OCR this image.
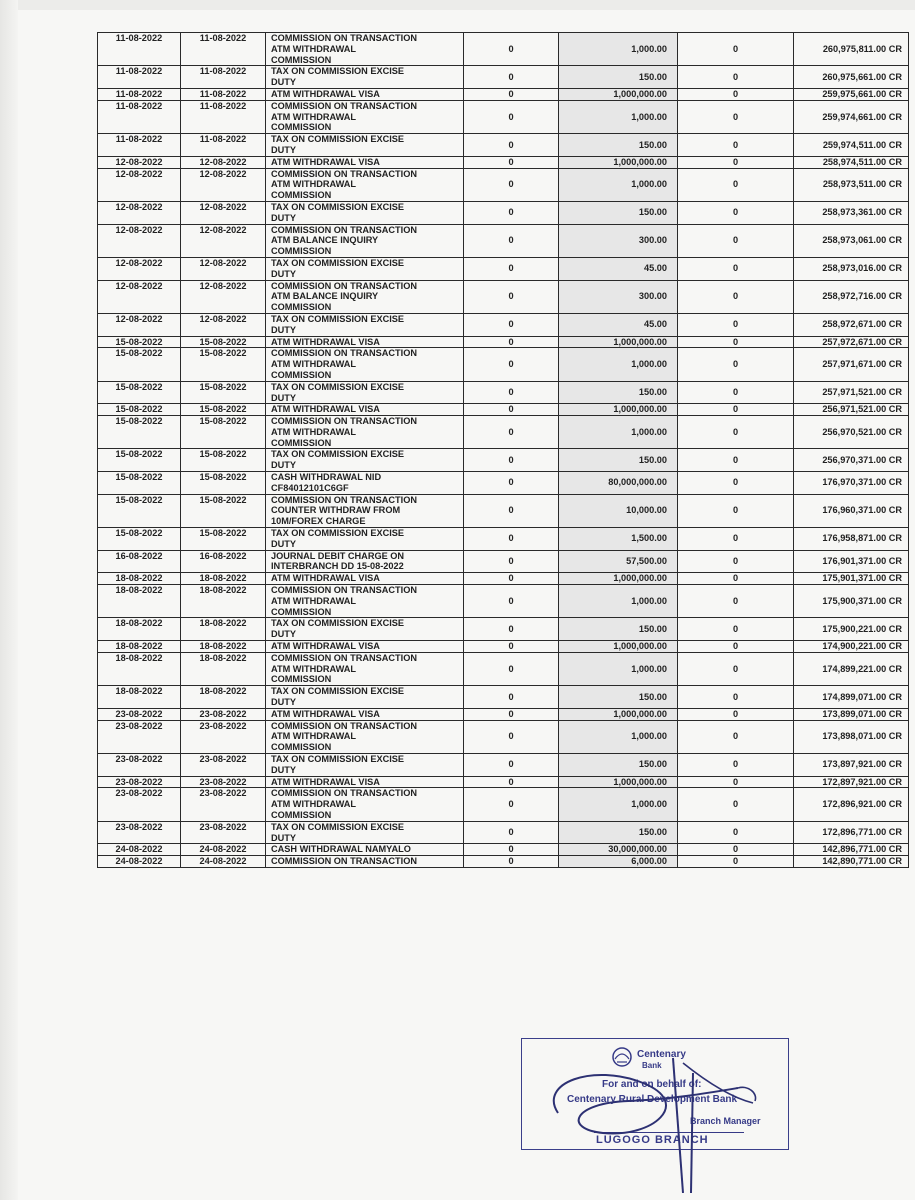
11-08-2022	11-08-2022	COMMISSION ON TRANSACTION
ATM WITHDRAWAL
COMMISSION	0	1,000.00	0	260,975,811.00 CR
11-08-2022	11-08-2022	TAX ON COMMISSION EXCISE
DUTY	0	150.00	0	260,975,661.00 CR
11-08-2022	11-08-2022	ATM WITHDRAWAL VISA	0	1,000,000.00	0	259,975,661.00 CR
11-08-2022	11-08-2022	COMMISSION ON TRANSACTION
ATM WITHDRAWAL
COMMISSION	0	1,000.00	0	259,974,661.00 CR
11-08-2022	11-08-2022	TAX ON COMMISSION EXCISE
DUTY	0	150.00	0	259,974,511.00 CR
12-08-2022	12-08-2022	ATM WITHDRAWAL VISA	0	1,000,000.00	0	258,974,511.00 CR
12-08-2022	12-08-2022	COMMISSION ON TRANSACTION
ATM WITHDRAWAL
COMMISSION	0	1,000.00	0	258,973,511.00 CR
12-08-2022	12-08-2022	TAX ON COMMISSION EXCISE
DUTY	0	150.00	0	258,973,361.00 CR
12-08-2022	12-08-2022	COMMISSION ON TRANSACTION
ATM BALANCE INQUIRY
COMMISSION	0	300.00	0	258,973,061.00 CR
12-08-2022	12-08-2022	TAX ON COMMISSION EXCISE
DUTY	0	45.00	0	258,973,016.00 CR
12-08-2022	12-08-2022	COMMISSION ON TRANSACTION
ATM BALANCE INQUIRY
COMMISSION	0	300.00	0	258,972,716.00 CR
12-08-2022	12-08-2022	TAX ON COMMISSION EXCISE
DUTY	0	45.00	0	258,972,671.00 CR
15-08-2022	15-08-2022	ATM WITHDRAWAL VISA	0	1,000,000.00	0	257,972,671.00 CR
15-08-2022	15-08-2022	COMMISSION ON TRANSACTION
ATM WITHDRAWAL
COMMISSION	0	1,000.00	0	257,971,671.00 CR
15-08-2022	15-08-2022	TAX ON COMMISSION EXCISE
DUTY	0	150.00	0	257,971,521.00 CR
15-08-2022	15-08-2022	ATM WITHDRAWAL VISA	0	1,000,000.00	0	256,971,521.00 CR
15-08-2022	15-08-2022	COMMISSION ON TRANSACTION
ATM WITHDRAWAL
COMMISSION	0	1,000.00	0	256,970,521.00 CR
15-08-2022	15-08-2022	TAX ON COMMISSION EXCISE
DUTY	0	150.00	0	256,970,371.00 CR
15-08-2022	15-08-2022	CASH WITHDRAWAL NID
CF84012101C6GF	0	80,000,000.00	0	176,970,371.00 CR
15-08-2022	15-08-2022	COMMISSION ON TRANSACTION
COUNTER WITHDRAW FROM
10M/FOREX CHARGE	0	10,000.00	0	176,960,371.00 CR
15-08-2022	15-08-2022	TAX ON COMMISSION EXCISE
DUTY	0	1,500.00	0	176,958,871.00 CR
16-08-2022	16-08-2022	JOURNAL DEBIT CHARGE ON
INTERBRANCH DD 15-08-2022	0	57,500.00	0	176,901,371.00 CR
18-08-2022	18-08-2022	ATM WITHDRAWAL VISA	0	1,000,000.00	0	175,901,371.00 CR
18-08-2022	18-08-2022	COMMISSION ON TRANSACTION
ATM WITHDRAWAL
COMMISSION	0	1,000.00	0	175,900,371.00 CR
18-08-2022	18-08-2022	TAX ON COMMISSION EXCISE
DUTY	0	150.00	0	175,900,221.00 CR
18-08-2022	18-08-2022	ATM WITHDRAWAL VISA	0	1,000,000.00	0	174,900,221.00 CR
18-08-2022	18-08-2022	COMMISSION ON TRANSACTION
ATM WITHDRAWAL
COMMISSION	0	1,000.00	0	174,899,221.00 CR
18-08-2022	18-08-2022	TAX ON COMMISSION EXCISE
DUTY	0	150.00	0	174,899,071.00 CR
23-08-2022	23-08-2022	ATM WITHDRAWAL VISA	0	1,000,000.00	0	173,899,071.00 CR
23-08-2022	23-08-2022	COMMISSION ON TRANSACTION
ATM WITHDRAWAL
COMMISSION	0	1,000.00	0	173,898,071.00 CR
23-08-2022	23-08-2022	TAX ON COMMISSION EXCISE
DUTY	0	150.00	0	173,897,921.00 CR
23-08-2022	23-08-2022	ATM WITHDRAWAL VISA	0	1,000,000.00	0	172,897,921.00 CR
23-08-2022	23-08-2022	COMMISSION ON TRANSACTION
ATM WITHDRAWAL
COMMISSION	0	1,000.00	0	172,896,921.00 CR
23-08-2022	23-08-2022	TAX ON COMMISSION EXCISE
DUTY	0	150.00	0	172,896,771.00 CR
24-08-2022	24-08-2022	CASH WITHDRAWAL NAMYALO	0	30,000,000.00	0	142,896,771.00 CR
24-08-2022	24-08-2022	COMMISSION ON TRANSACTION	0	6,000.00	0	142,890,771.00 CR
Centenary
Bank
For and on behalf of:
Centenary Rural Development Bank
Branch Manager
LUGOGO BRANCH
